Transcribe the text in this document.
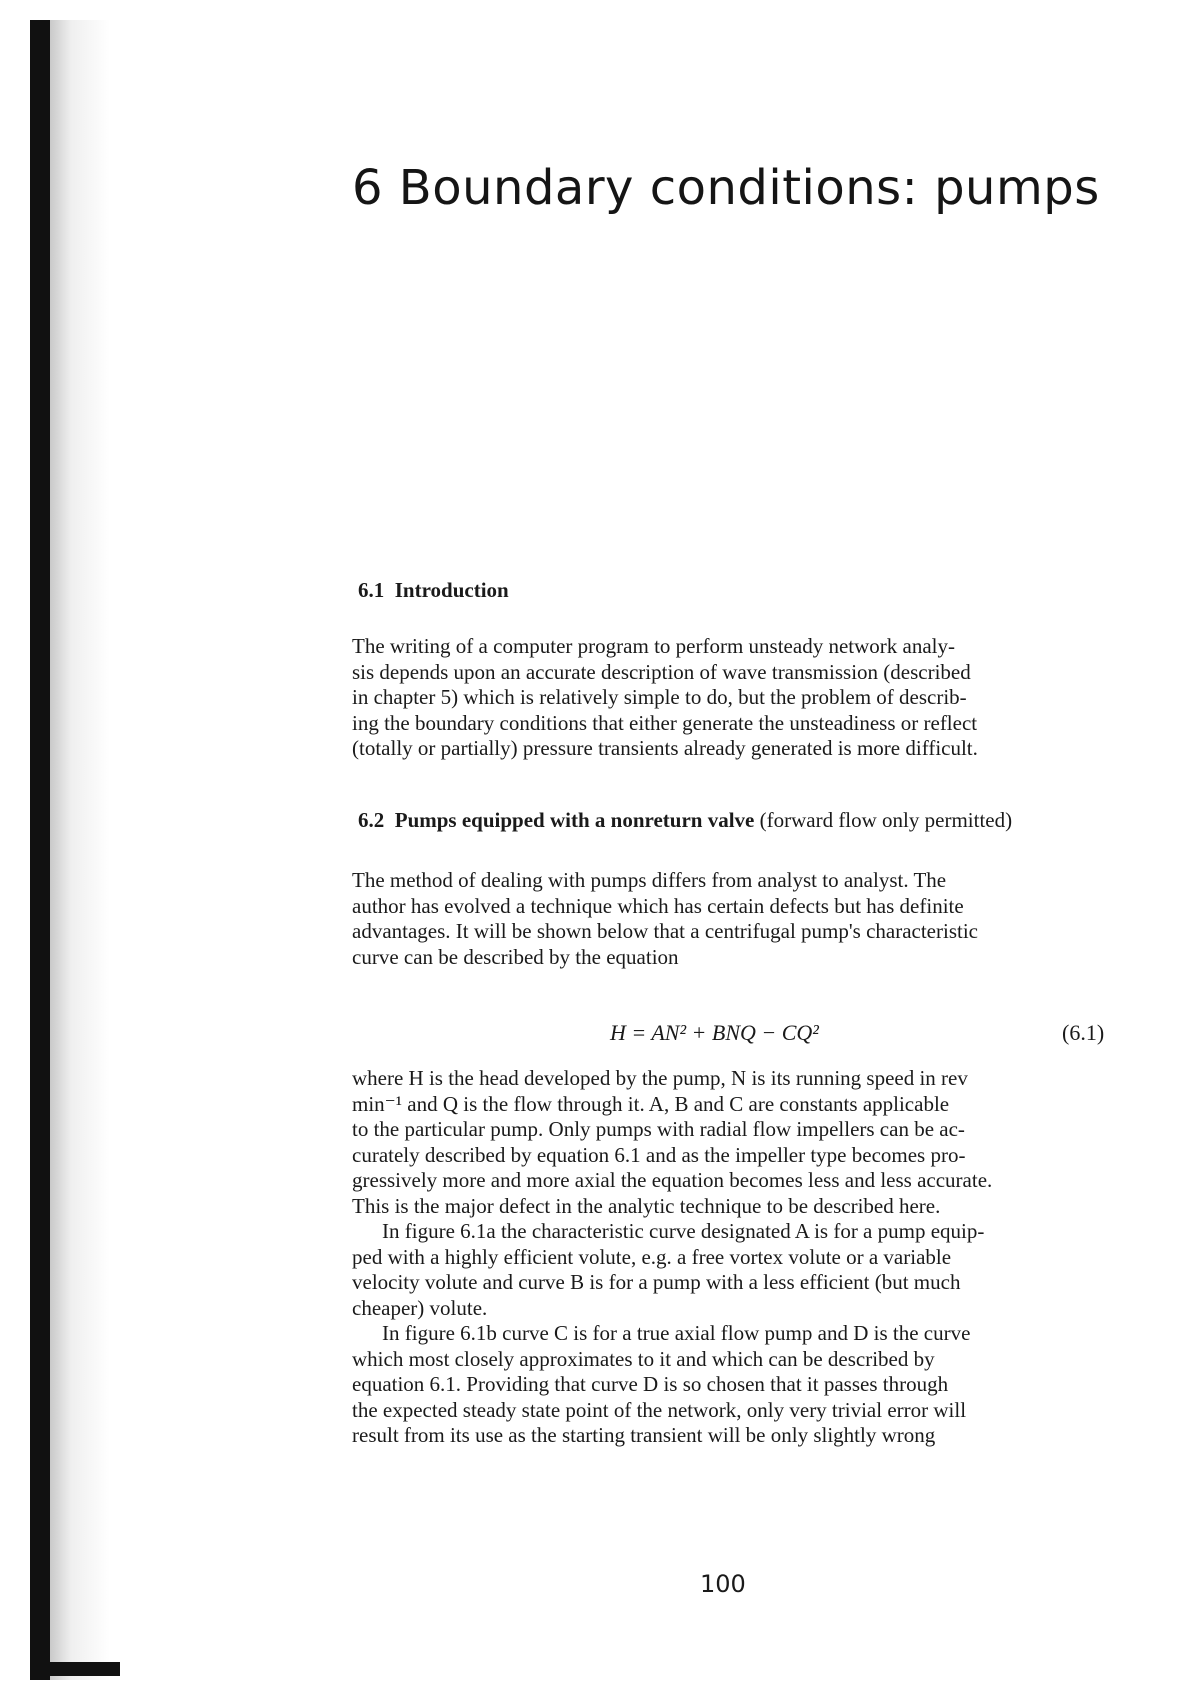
6 Boundary conditions: pumps
6.1 Introduction

The writing of a computer program to perform unsteady network analy-
sis depends upon an accurate description of wave transmission (described
in chapter 5) which is relatively simple to do, but the problem of describ-
ing the boundary conditions that either generate the unsteadiness or reflect
(totally or partially) pressure transients already generated is more difficult.

6.2 Pumps equipped with a nonreturn valve (forward flow only permitted)

The method of dealing with pumps differs from analyst to analyst. The
author has evolved a technique which has certain defects but has definite
advantages. It will be shown below that a centrifugal pump's characteristic
curve can be described by the equation

H = AN² + BNQ − CQ²	(6.1)

where H is the head developed by the pump, N is its running speed in rev
min⁻¹ and Q is the flow through it. A, B and C are constants applicable
to the particular pump. Only pumps with radial flow impellers can be ac-
curately described by equation 6.1 and as the impeller type becomes pro-
gressively more and more axial the equation becomes less and less accurate.
This is the major defect in the analytic technique to be described here.
In figure 6.1a the characteristic curve designated A is for a pump equip-
ped with a highly efficient volute, e.g. a free vortex volute or a variable
velocity volute and curve B is for a pump with a less efficient (but much
cheaper) volute.
In figure 6.1b curve C is for a true axial flow pump and D is the curve
which most closely approximates to it and which can be described by
equation 6.1. Providing that curve D is so chosen that it passes through
the expected steady state point of the network, only very trivial error will
result from its use as the starting transient will be only slightly wrong

100
